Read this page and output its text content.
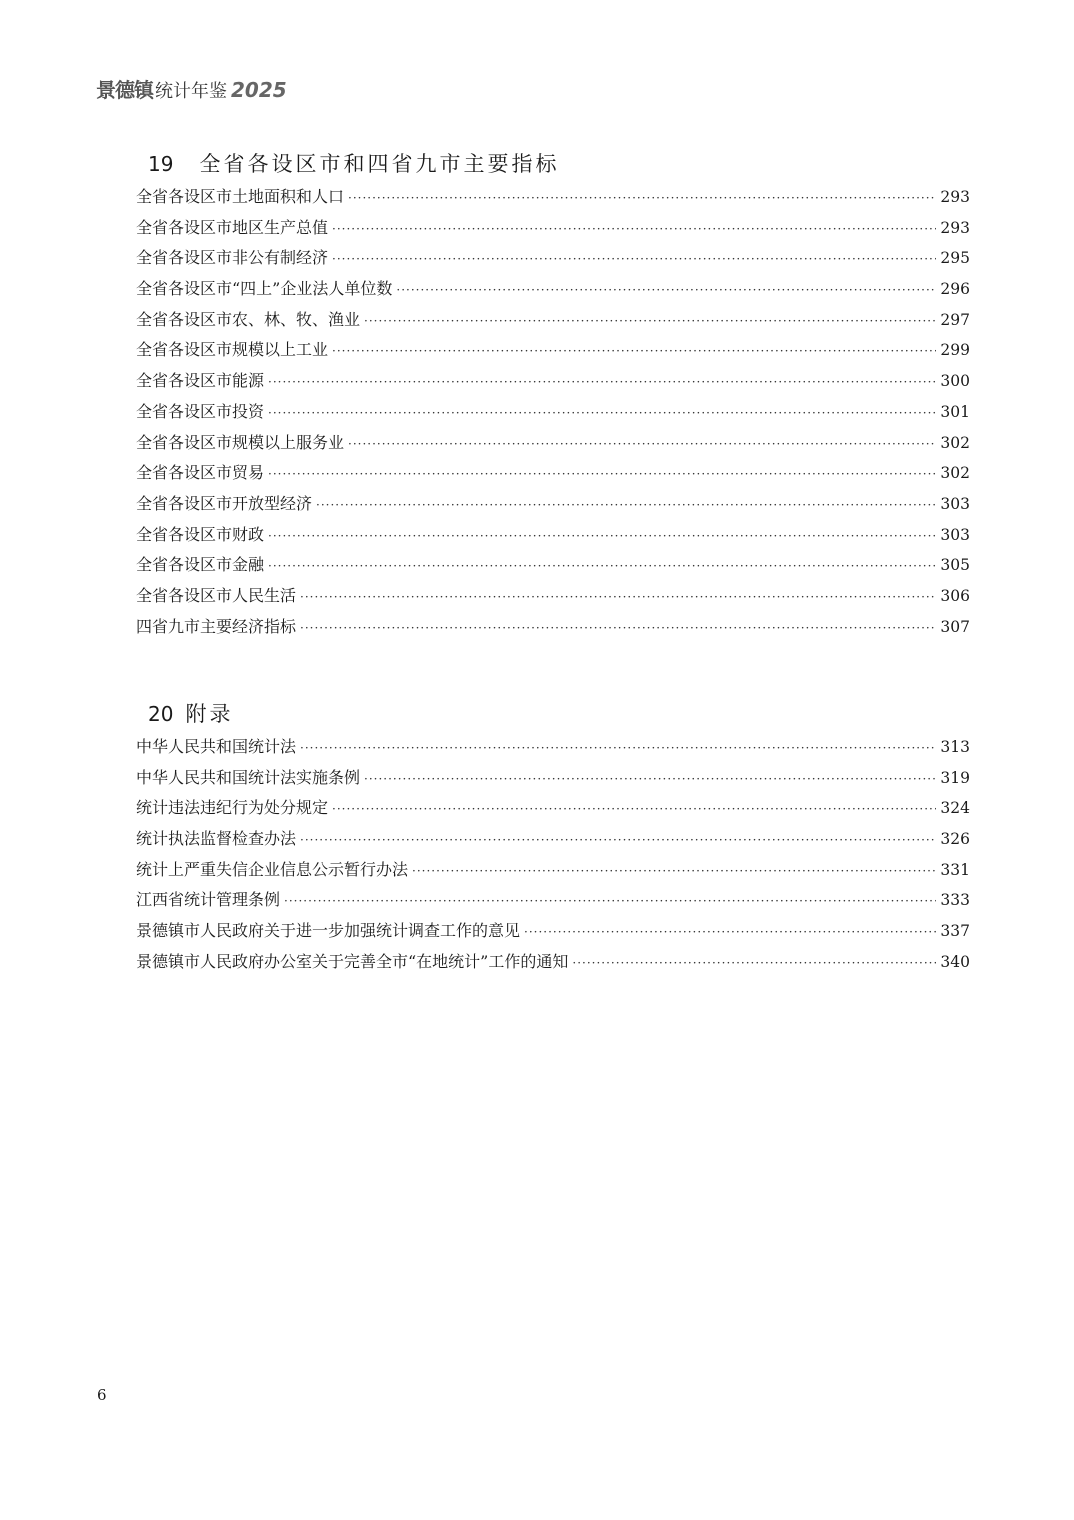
景德镇 统计年鉴 2025
19 全省各设区市和四省九市主要指标
全省各设区市土地面积和人口 ·····	293
全省各设区市地区生产总值 ·····	293
全省各设区市非公有制经济 ·····	295
全省各设区市“四上”企业法人单位数 ·····	296
全省各设区市农、林、牧、渔业 ·····	297
全省各设区市规模以上工业 ·····	299
全省各设区市能源 ·····	300
全省各设区市投资 ·····	301
全省各设区市规模以上服务业 ·····	302
全省各设区市贸易 ·····	302
全省各设区市开放型经济 ·····	303
全省各设区市财政 ·····	303
全省各设区市金融 ·····	305
全省各设区市人民生活 ·····	306
四省九市主要经济指标 ·····	307
20 附录
中华人民共和国统计法 ·····	313
中华人民共和国统计法实施条例 ·····	319
统计违法违纪行为处分规定 ·····	324
统计执法监督检查办法 ·····	326
统计上严重失信企业信息公示暂行办法 ·····	331
江西省统计管理条例 ·····	333
景德镇市人民政府关于进一步加强统计调查工作的意见 ·····	337
景德镇市人民政府办公室关于完善全市“在地统计”工作的通知 ·····	340
6
